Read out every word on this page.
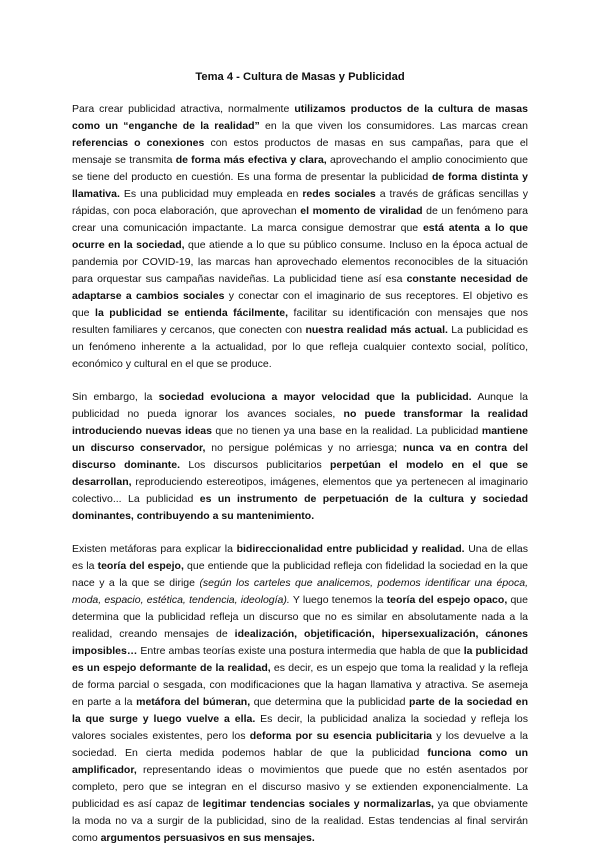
Tema 4 - Cultura de Masas y Publicidad

Para crear publicidad atractiva, normalmente utilizamos productos de la cultura de masas como un “enganche de la realidad” en la que viven los consumidores. Las marcas crean referencias o conexiones con estos productos de masas en sus campañas, para que el mensaje se transmita de forma más efectiva y clara, aprovechando el amplio conocimiento que se tiene del producto en cuestión. Es una forma de presentar la publicidad de forma distinta y llamativa. Es una publicidad muy empleada en redes sociales a través de gráficas sencillas y rápidas, con poca elaboración, que aprovechan el momento de viralidad de un fenómeno para crear una comunicación impactante. La marca consigue demostrar que está atenta a lo que ocurre en la sociedad, que atiende a lo que su público consume. Incluso en la época actual de pandemia por COVID-19, las marcas han aprovechado elementos reconocibles de la situación para orquestar sus campañas navideñas. La publicidad tiene así esa constante necesidad de adaptarse a cambios sociales y conectar con el imaginario de sus receptores. El objetivo es que la publicidad se entienda fácilmente, facilitar su identificación con mensajes que nos resulten familiares y cercanos, que conecten con nuestra realidad más actual. La publicidad es un fenómeno inherente a la actualidad, por lo que refleja cualquier contexto social, político, económico y cultural en el que se produce.

Sin embargo, la sociedad evoluciona a mayor velocidad que la publicidad. Aunque la publicidad no pueda ignorar los avances sociales, no puede transformar la realidad introduciendo nuevas ideas que no tienen ya una base en la realidad. La publicidad mantiene un discurso conservador, no persigue polémicas y no arriesga; nunca va en contra del discurso dominante. Los discursos publicitarios perpetúan el modelo en el que se desarrollan, reproduciendo estereotipos, imágenes, elementos que ya pertenecen al imaginario colectivo... La publicidad es un instrumento de perpetuación de la cultura y sociedad dominantes, contribuyendo a su mantenimiento.

Existen metáforas para explicar la bidireccionalidad entre publicidad y realidad. Una de ellas es la teoría del espejo, que entiende que la publicidad refleja con fidelidad la sociedad en la que nace y a la que se dirige (según los carteles que analicemos, podemos identificar una época, moda, espacio, estética, tendencia, ideología). Y luego tenemos la teoría del espejo opaco, que determina que la publicidad refleja un discurso que no es similar en absolutamente nada a la realidad, creando mensajes de idealización, objetificación, hipersexualización, cánones imposibles… Entre ambas teorías existe una postura intermedia que habla de que la publicidad es un espejo deformante de la realidad, es decir, es un espejo que toma la realidad y la refleja de forma parcial o sesgada, con modificaciones que la hagan llamativa y atractiva. Se asemeja en parte a la metáfora del búmeran, que determina que la publicidad parte de la sociedad en la que surge y luego vuelve a ella. Es decir, la publicidad analiza la sociedad y refleja los valores sociales existentes, pero los deforma por su esencia publicitaria y los devuelve a la sociedad. En cierta medida podemos hablar de que la publicidad funciona como un amplificador, representando ideas o movimientos que puede que no estén asentados por completo, pero que se integran en el discurso masivo y se extienden exponencialmente. La publicidad es así capaz de legitimar tendencias sociales y normalizarlas, ya que obviamente la moda no va a surgir de la publicidad, sino de la realidad. Estas tendencias al final servirán como argumentos persuasivos en sus mensajes.
